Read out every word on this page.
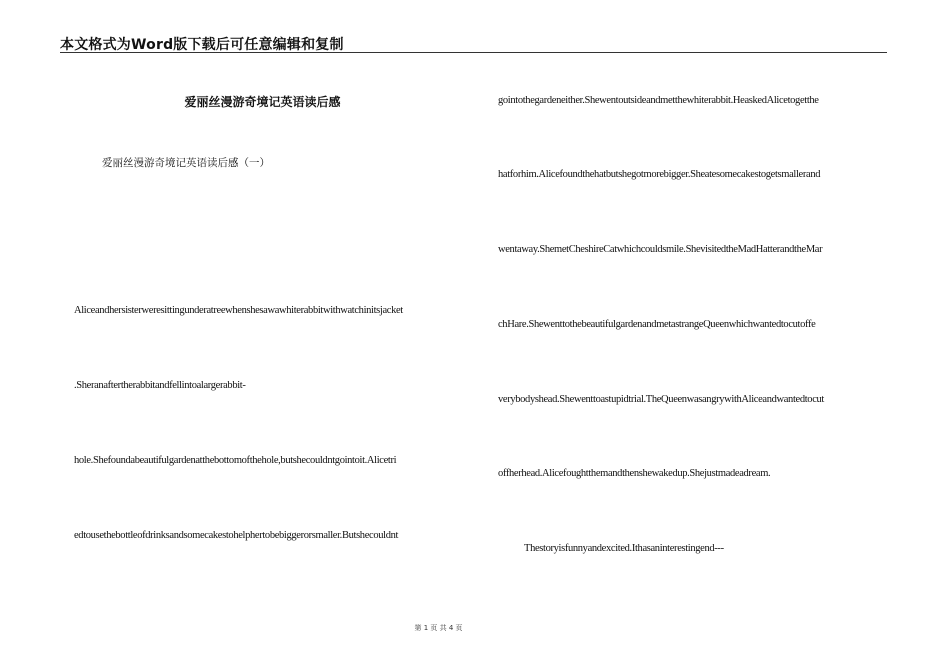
本文格式为Word版下载后可任意编辑和复制
爱丽丝漫游奇境记英语读后感
爱丽丝漫游奇境记英语读后感（一）
Aliceandhersisterweresittingunderatreewhenshesawawhiterabbitwithwatchinitsjacket
.Sheranaftertherabbitandfellintoalargerabbit-
hole.Shefoundabeautifulgardenatthebottomofthehole,butshecouldntgointoit.Alicetri
edtousethebottleofdrinksandsomecakestohelphertobebiggerorsmaller.Butshecouldnt
gointothegardeneither.Shewentoutsideandmetthewhiterabbit.HeaskedAlicetogetthe
hatforhim.Alicefoundthehatbutshegotmorebigger.Sheatesomecakestogetsmallerand
wentaway.ShemetCheshireCatwhichcouldsmile.ShevisitedtheMadHatterandtheMar
chHare.ShewenttothebeautifulgardenandmetastrangeQueenwhichwantedtocutoffe
verybodyshead.Shewenttoastupidtrial.TheQueenwasangrywithAliceandwantedtocut
offherhead.Alicefoughtthemandthenshewakedup.Shejustmadeadream.
Thestoryisfunnyandexcited.Ithasaninterestingend---
第 1 页 共 4 页
